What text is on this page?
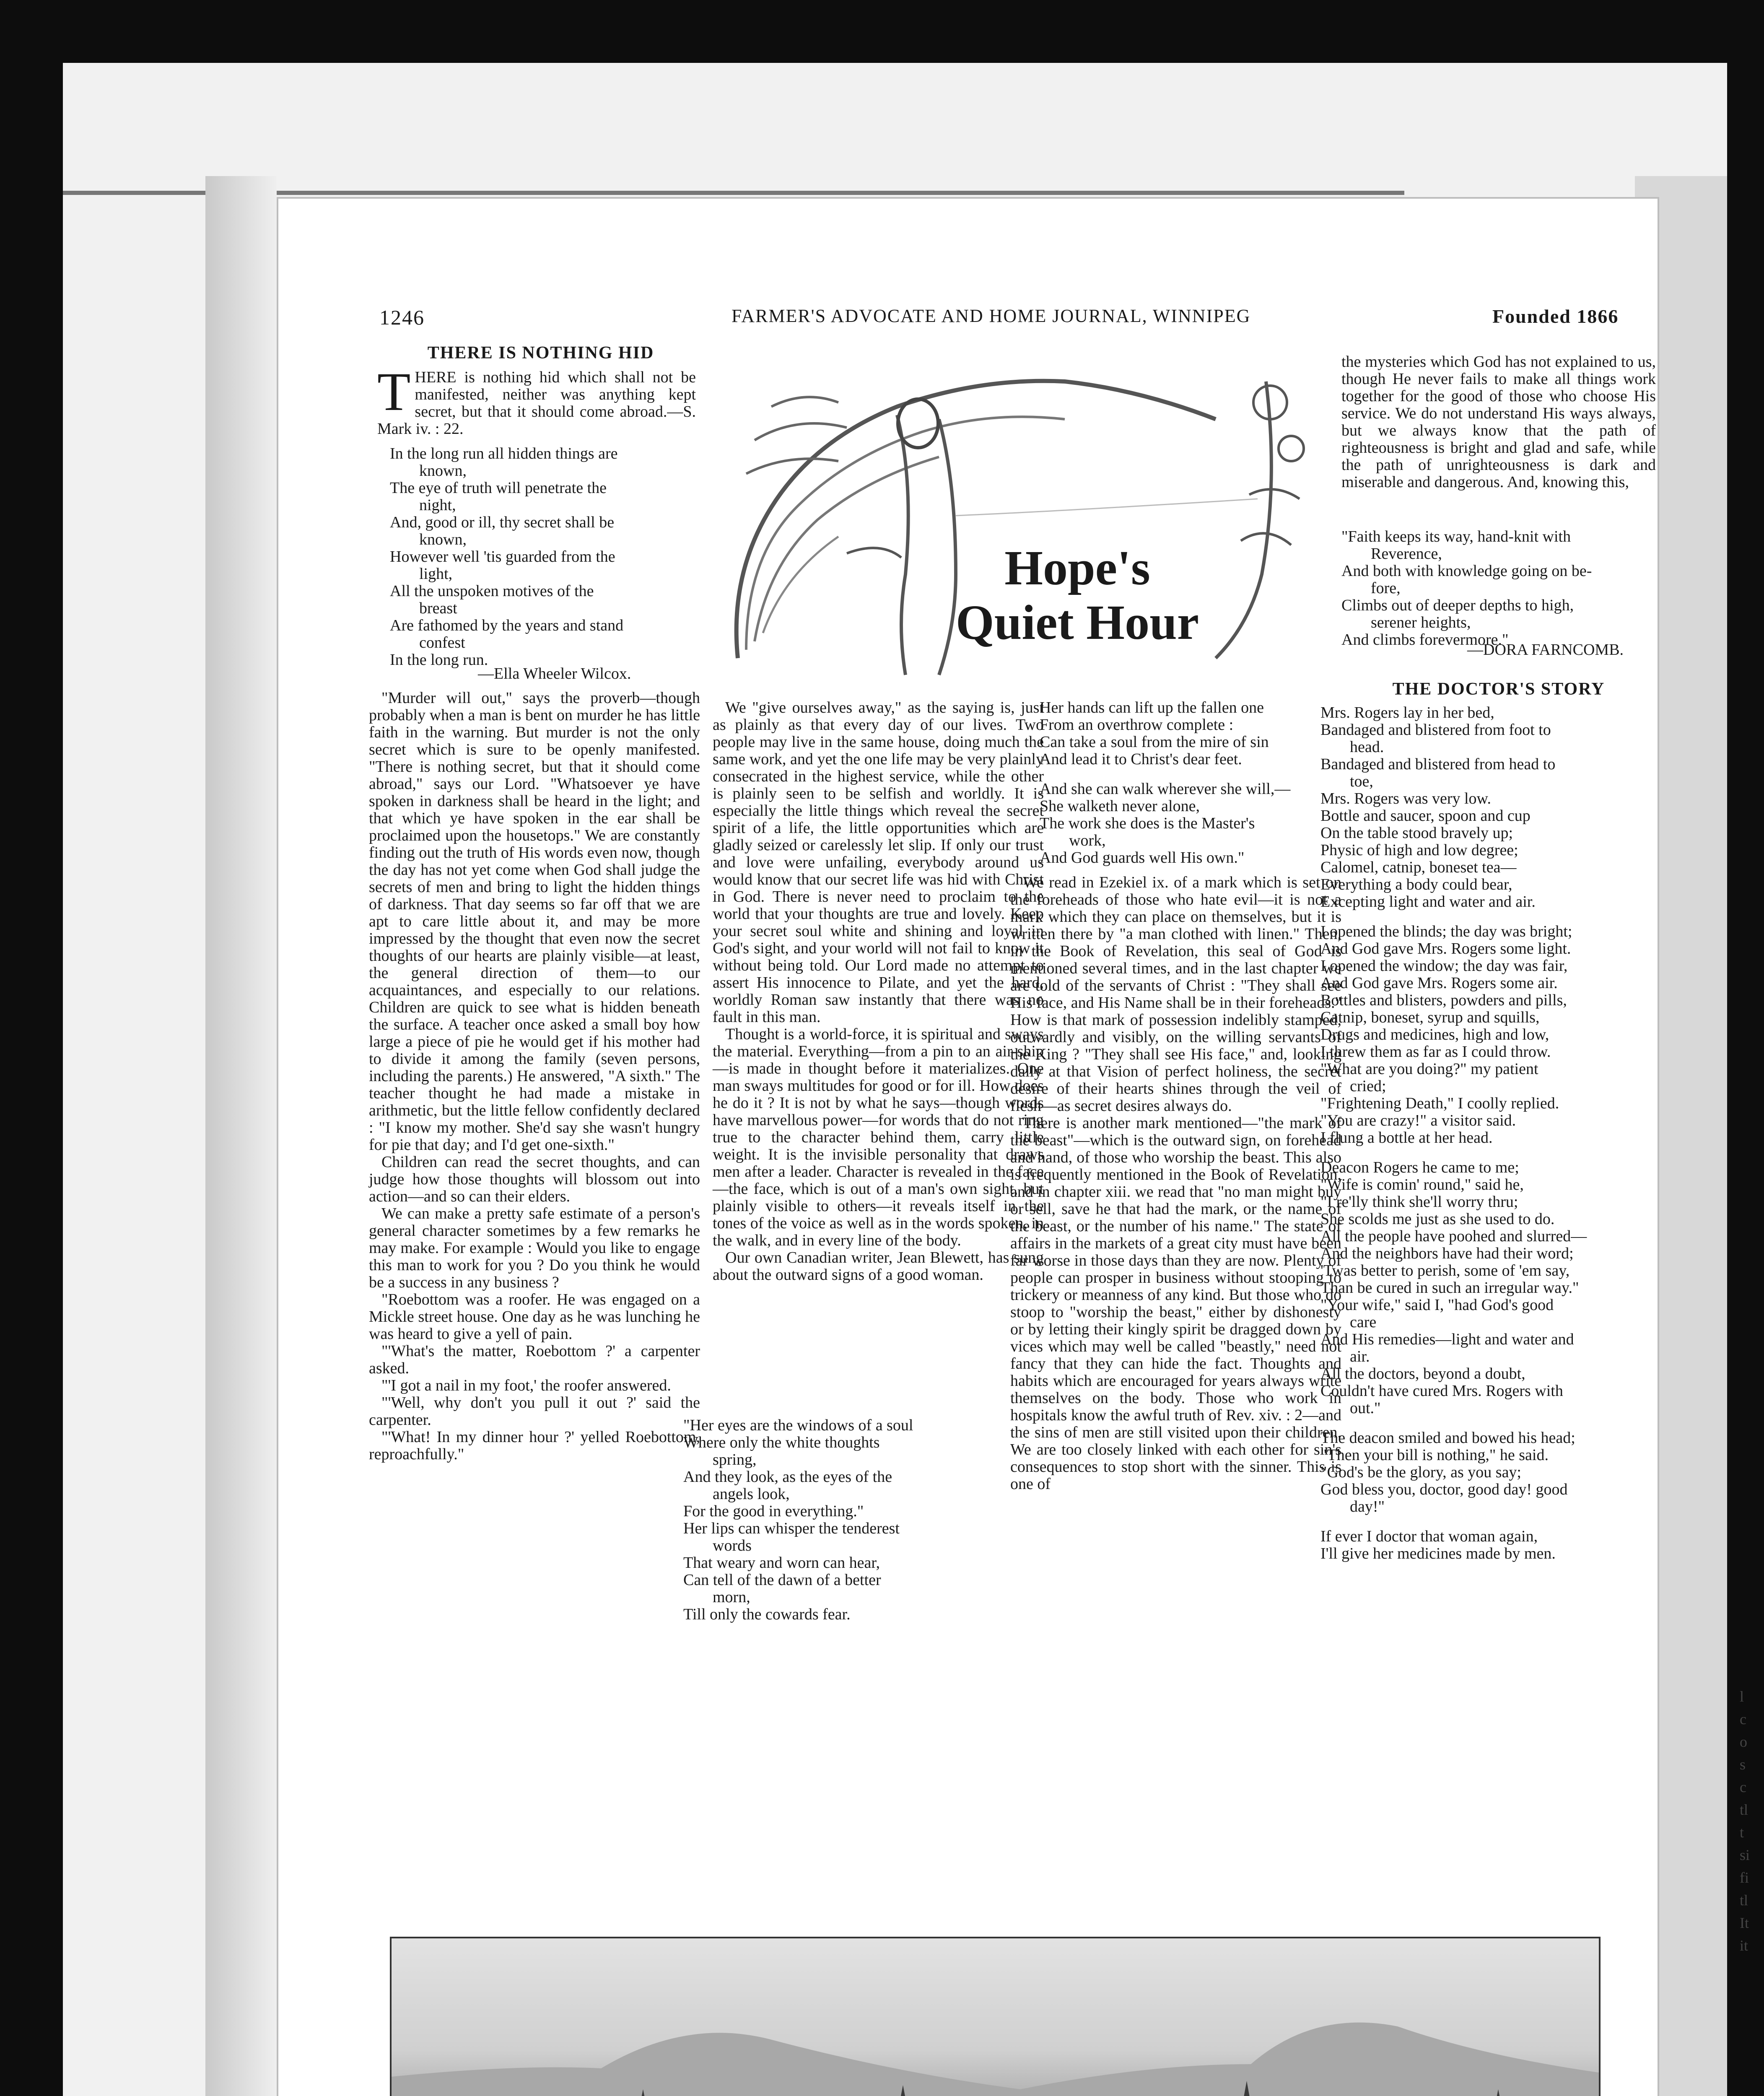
l
c
o
s
c
tl
t
si
fi
tl
It
it
1246	FARMER'S ADVOCATE AND HOME JOURNAL, WINNIPEG	Founded 1866
THERE IS NOTHING HID
T HERE is nothing hid which shall not be manifested, neither was anything kept secret, but that it should come abroad.—S. Mark iv. : 22.
In the long run all hidden things are
known,
The eye of truth will penetrate the
night,
And, good or ill, thy secret shall be
known,
However well 'tis guarded from the
light,
All the unspoken motives of the
breast
Are fathomed by the years and stand
confest
In the long run.
—Ella Wheeler Wilcox.

"Murder will out," says the proverb—though probably when a man is bent on murder he has little faith in the warning. But murder is not the only secret which is sure to be openly manifested. "There is nothing secret, but that it should come abroad," says our Lord. "Whatsoever ye have spoken in darkness shall be heard in the light; and that which ye have spoken in the ear shall be proclaimed upon the housetops." We are constantly finding out the truth of His words even now, though the day has not yet come when God shall judge the secrets of men and bring to light the hidden things of darkness. That day seems so far off that we are apt to care little about it, and may be more impressed by the thought that even now the secret thoughts of our hearts are plainly visible—at least, the general direction of them—to our acquaintances, and especially to our relations. Children are quick to see what is hidden beneath the surface. A teacher once asked a small boy how large a piece of pie he would get if his mother had to divide it among the family (seven persons, including the parents.) He answered, "A sixth." The teacher thought he had made a mistake in arithmetic, but the little fellow confidently declared : "I know my mother. She'd say she wasn't hungry for pie that day; and I'd get one-sixth."

Children can read the secret thoughts, and can judge how those thoughts will blossom out into action—and so can their elders.

We can make a pretty safe estimate of a person's general character sometimes by a few remarks he may make. For example : Would you like to engage this man to work for you ? Do you think he would be a success in any business ?

"Roebottom was a roofer. He was engaged on a Mickle street house. One day as he was lunching he was heard to give a yell of pain.

"'What's the matter, Roebottom ?' a carpenter asked.

"'I got a nail in my foot,' the roofer answered.

"'Well, why don't you pull it out ?' said the carpenter.

"'What! In my dinner hour ?' yelled Roebottom, reproachfully."

Hope's
Quiet Hour

We "give ourselves away," as the saying is, just as plainly as that every day of our lives. Two people may live in the same house, doing much the same work, and yet the one life may be very plainly consecrated in the highest service, while the other is plainly seen to be selfish and worldly. It is especially the little things which reveal the secret spirit of a life, the little opportunities which are gladly seized or carelessly let slip. If only our trust and love were unfailing, everybody around us would know that our secret life was hid with Christ in God. There is never need to proclaim to the world that your thoughts are true and lovely. Keep your secret soul white and shining and loyal in God's sight, and your world will not fail to know it without being told. Our Lord made no attempt to assert His innocence to Pilate, and yet the hard, worldly Roman saw instantly that there was no fault in this man.

Thought is a world-force, it is spiritual and sways the material. Everything—from a pin to an air-ship—is made in thought before it materializes. One man sways multitudes for good or for ill. How does he do it ? It is not by what he says—though words have marvellous power—for words that do not ring true to the character behind them, carry little weight. It is the invisible personality that draws men after a leader. Character is revealed in the face—the face, which is out of a man's own sight, but plainly visible to others—it reveals itself in the tones of the voice as well as in the words spoken, in the walk, and in every line of the body.

Our own Canadian writer, Jean Blewett, has sung about the outward signs of a good woman.

"Her eyes are the windows of a soul
Where only the white thoughts
spring,
And they look, as the eyes of the
angels look,
For the good in everything."
Her lips can whisper the tenderest
words
That weary and worn can hear,
Can tell of the dawn of a better
morn,
Till only the cowards fear.
Her hands can lift up the fallen one
From an overthrow complete :
Can take a soul from the mire of sin
And lead it to Christ's dear feet.
And she can walk wherever she will,—
She walketh never alone,
The work she does is the Master's
work,
And God guards well His own."

We read in Ezekiel ix. of a mark which is set on the foreheads of those who hate evil—it is not a mark which they can place on themselves, but it is written there by "a man clothed with linen." Then, in the Book of Revelation, this seal of God is mentioned several times, and in the last chapter we are told of the servants of Christ : "They shall see His face, and His Name shall be in their foreheads." How is that mark of possession indelibly stamped, outwardly and visibly, on the willing servants of the King ? "They shall see His face," and, looking daily at that Vision of perfect holiness, the secret desire of their hearts shines through the veil of flesh—as secret desires always do.

There is another mark mentioned—"the mark of the beast"—which is the outward sign, on forehead and hand, of those who worship the beast. This also is frequently mentioned in the Book of Revelation, and in chapter xiii. we read that "no man might buy or sell, save he that had the mark, or the name of the beast, or the number of his name." The state of affairs in the markets of a great city must have been far worse in those days than they are now. Plenty of people can prosper in business without stooping to trickery or meanness of any kind. But those who do stoop to "worship the beast," either by dishonesty or by letting their kingly spirit be dragged down by vices which may well be called "beastly," need not fancy that they can hide the fact. Thoughts and habits which are encouraged for years always write themselves on the body. Those who work in hospitals know the awful truth of Rev. xiv. : 2—and the sins of men are still visited upon their children. We are too closely linked with each other for sin's consequences to stop short with the sinner. This is one of

the mysteries which God has not explained to us, though He never fails to make all things work together for the good of those who choose His service. We do not understand His ways always, but we always know that the path of righteousness is bright and glad and safe, while the path of unrighteousness is dark and miserable and dangerous. And, knowing this,
"Faith keeps its way, hand-knit with
Reverence,
And both with knowledge going on be-
fore,
Climbs out of deeper depths to high,
serener heights,
And climbs forevermore."
—DORA FARNCOMB.
THE DOCTOR'S STORY
Mrs. Rogers lay in her bed,
Bandaged and blistered from foot to
head.
Bandaged and blistered from head to
toe,
Mrs. Rogers was very low.
Bottle and saucer, spoon and cup
On the table stood bravely up;
Physic of high and low degree;
Calomel, catnip, boneset tea—
Everything a body could bear,
Excepting light and water and air.
I opened the blinds; the day was bright;
And God gave Mrs. Rogers some light.
I opened the window; the day was fair,
And God gave Mrs. Rogers some air.
Bottles and blisters, powders and pills,
Catnip, boneset, syrup and squills,
Drugs and medicines, high and low,
I threw them as far as I could throw.
"What are you doing?" my patient
cried;
"Frightening Death," I coolly replied.
"You are crazy!" a visitor said.
I flung a bottle at her head.
Deacon Rogers he came to me;
"Wife is comin' round," said he,
"I re'lly think she'll worry thru;
She scolds me just as she used to do.
All the people have poohed and slurred—
And the neighbors have had their word;
'Twas better to perish, some of 'em say,
Than be cured in such an irregular way."
"Your wife," said I, "had God's good
care
And His remedies—light and water and
air.
All the doctors, beyond a doubt,
Couldn't have cured Mrs. Rogers with
out."
The deacon smiled and bowed his head;
"Then your bill is nothing," he said.
"God's be the glory, as you say;
God bless you, doctor, good day! good
day!"
If ever I doctor that woman again,
I'll give her medicines made by men.
